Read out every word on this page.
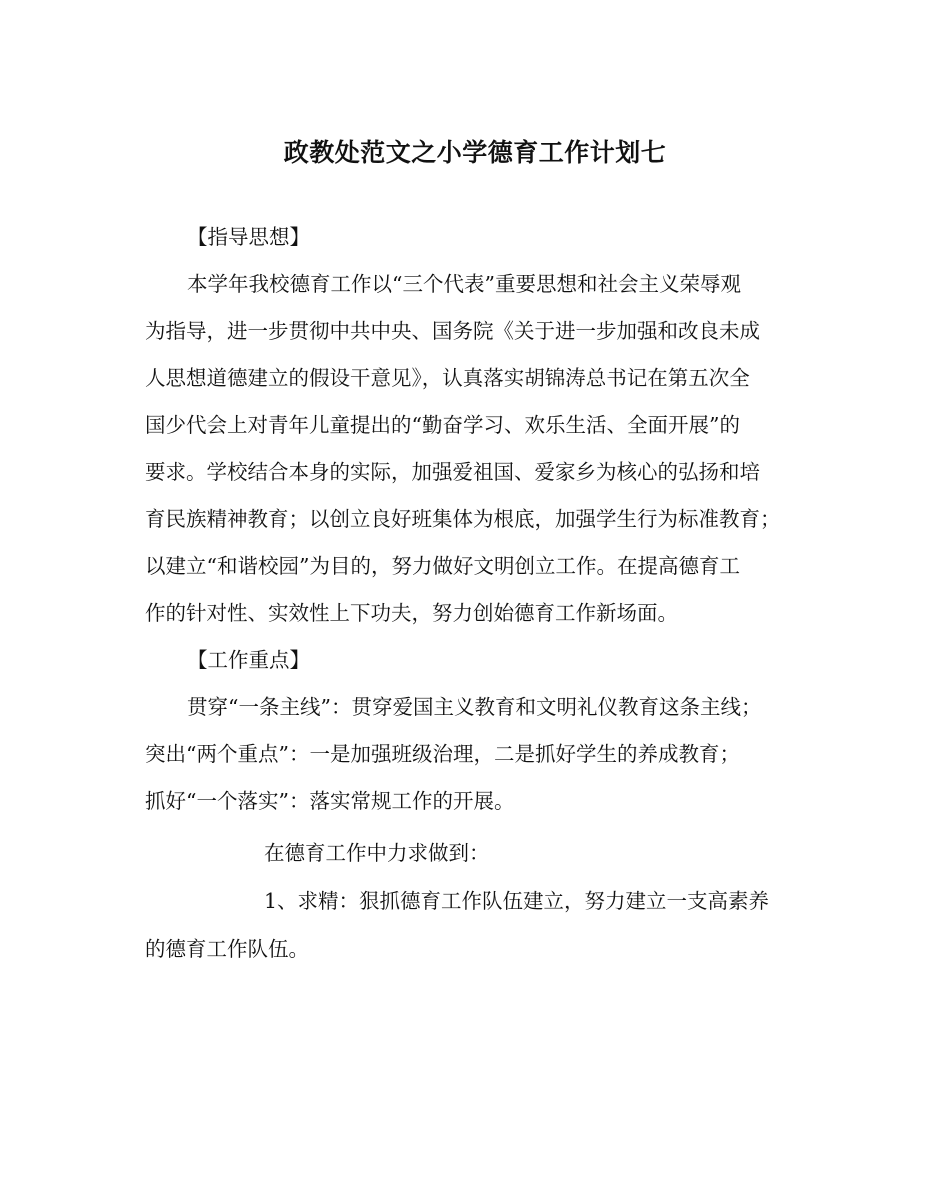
政教处范文之小学德育工作计划七
【指导思想】
本学年我校德育工作以“三个代表”重要思想和社会主义荣辱观
为指导，进一步贯彻中共中央、国务院《关于进一步加强和改良未成
人思想道德建立的假设干意见》，认真落实胡锦涛总书记在第五次全
国少代会上对青年儿童提出的“勤奋学习、欢乐生活、全面开展”的
要求。学校结合本身的实际，加强爱祖国、爱家乡为核心的弘扬和培
育民族精神教育；以创立良好班集体为根底，加强学生行为标准教育；
以建立“和谐校园”为目的，努力做好文明创立工作。在提高德育工
作的针对性、实效性上下功夫，努力创始德育工作新场面。
【工作重点】
贯穿“一条主线”：贯穿爱国主义教育和文明礼仪教育这条主线；
突出“两个重点”：一是加强班级治理，二是抓好学生的养成教育；
抓好“一个落实”：落实常规工作的开展。
在德育工作中力求做到：
1、求精：狠抓德育工作队伍建立，努力建立一支高素养
的德育工作队伍。
